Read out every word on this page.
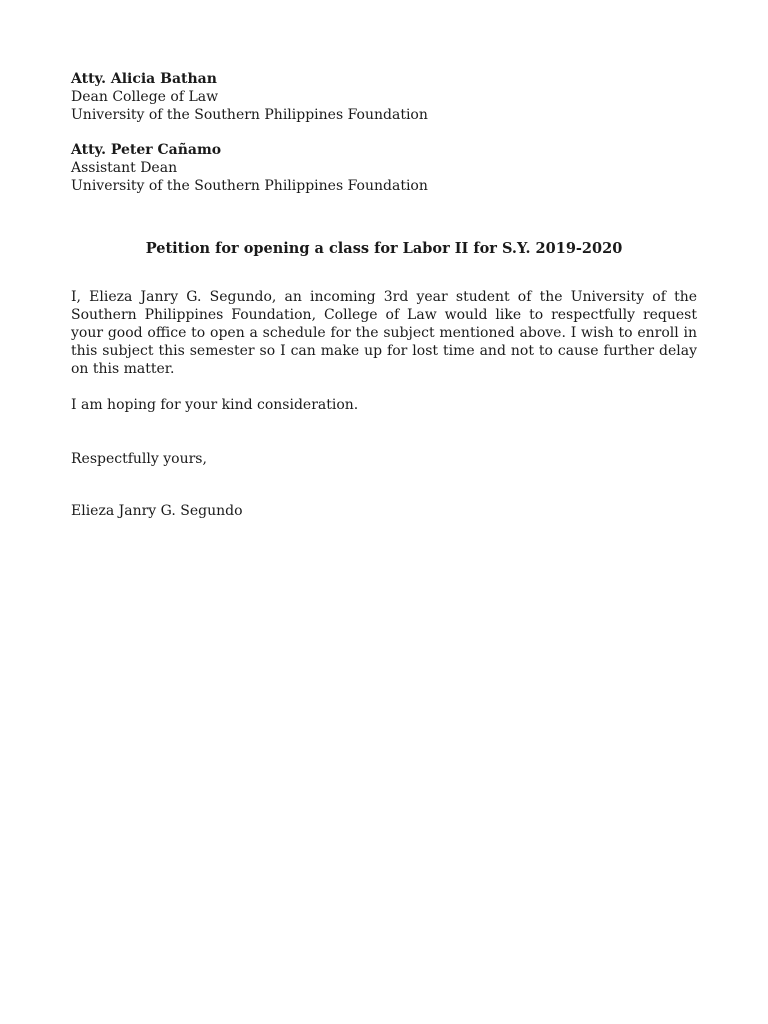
Atty. Alicia Bathan
Dean College of Law
University of the Southern Philippines Foundation
Atty. Peter Cañamo
Assistant Dean
University of the Southern Philippines Foundation
Petition for opening a class for Labor II for S.Y. 2019-2020
I, Elieza Janry G. Segundo, an incoming 3rd year student of the University of the Southern Philippines Foundation, College of Law would like to respectfully request your good office to open a schedule for the subject mentioned above. I wish to enroll in this subject this semester so I can make up for lost time and not to cause further delay on this matter.
I am hoping for your kind consideration.
Respectfully yours,
Elieza Janry G. Segundo
